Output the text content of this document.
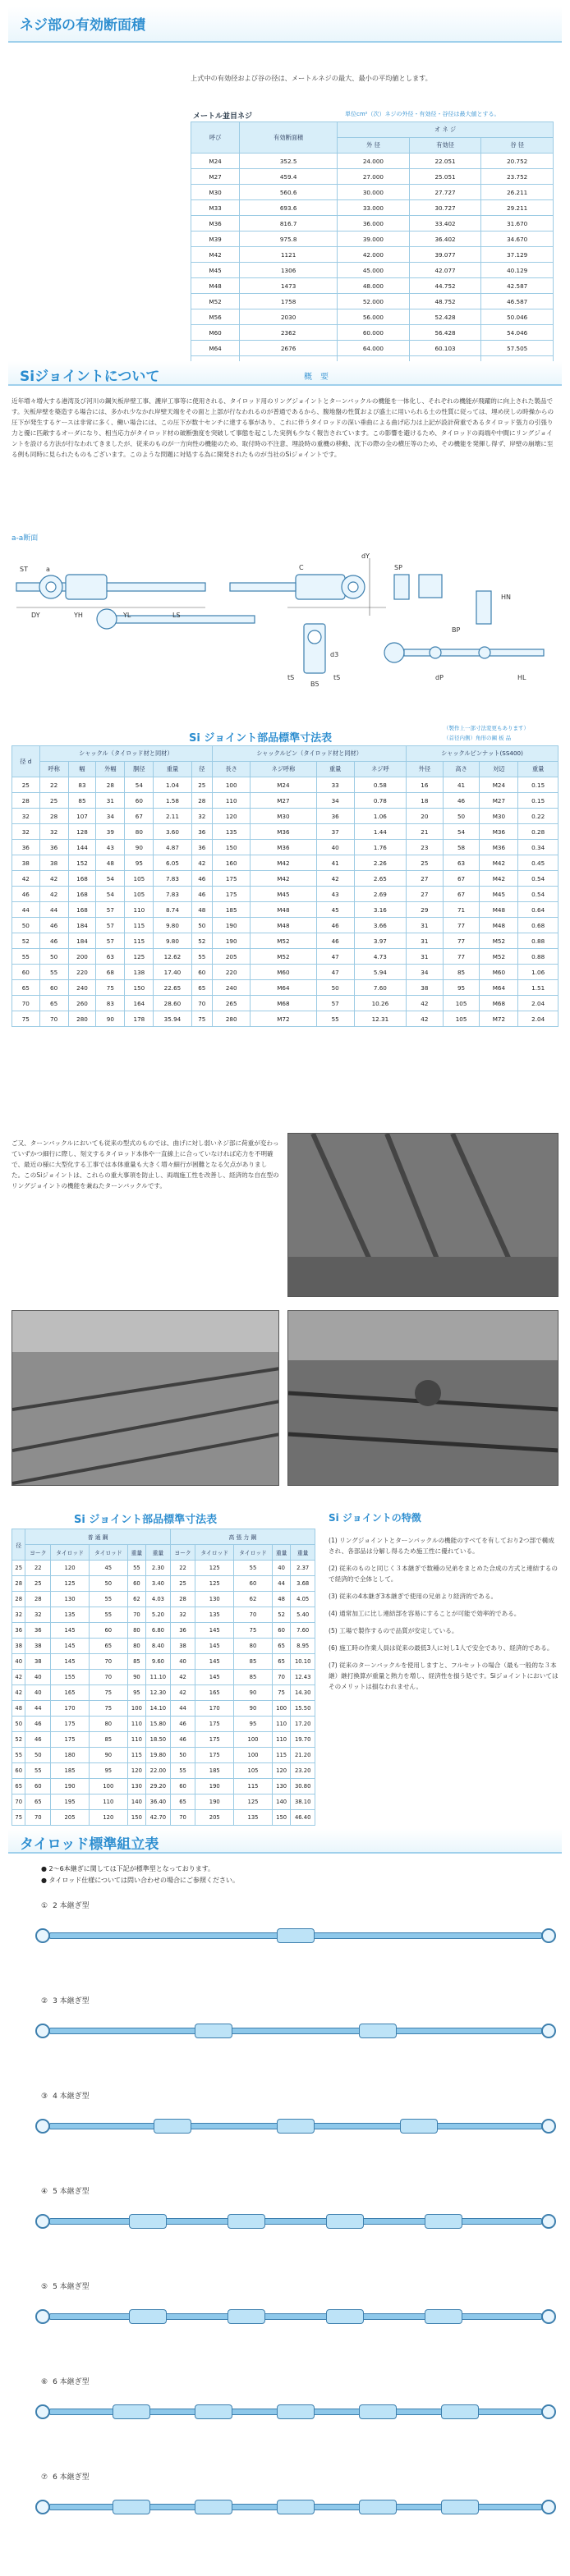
ネジ部の有効断面積

上式中の有効径および谷の径は、メートルネジの最大、最小の平均値とします。

メートル並目ネジ	単位cm²（次）ネジの外径・有効径・谷径は最大値とする。
呼び	有効断面積	オ ネ ジ		
		外 径	有効径	谷 径
M24	352.5	24.000	22.051	20.752
M27	459.4	27.000	25.051	23.752
M30	560.6	30.000	27.727	26.211
M33	693.6	33.000	30.727	29.211
M36	816.7	36.000	33.402	31.670
M39	975.8	39.000	36.402	34.670
M42	1121	42.000	39.077	37.129
M45	1306	45.000	42.077	40.129
M48	1473	48.000	44.752	42.587
M52	1758	52.000	48.752	46.587
M56	2030	56.000	52.428	50.046
M60	2362	60.000	56.428	54.046
M64	2676	64.000	60.103	57.505

Siジョイントについて	概　要

近年増々増大する港湾及び河川の鋼矢板岸壁工事、護岸工事等に使用される、タイロッド用のリングジョイントとターンバックルの機能を一体化し、それぞれの機能が飛躍的に向上された製品です。矢板岸壁を築造する場合には、多かれ少なかれ岸壁天端をその面と上部が行なわれるのが普通であるから、腹地盤の性質および盛土に用いられる土の性質に従っては、埋め戻しの時操からの圧下が発生するケースは非常に多く、働い場合には、この圧下が数十センチに達する事があり、これに伴うタイロッドの深い垂曲による曲げ応力は上記が設計荷重であるタイロッド張力の引張り力と優に匹敵するオーダになり、相当応力がタイロッド材の破断強度を突破して事態を起こした実例も少なく報告されています。この影響を避けるため、タイロッドの両端や中間にリングジョイントを設ける方法が行なわれてきましたが、従来のものが一方向性の機能のため、取付時の不注意、埋設時の重機の移動、沈下の際の全の横圧等のため、その機能を発揮し得ず、岸壁の崩壊に至る例も同時に見られたものもございます。このような問題に対処する為に開発されたものが当社のSiジョイントです。

a-a断面
ST	a
DY	YH	YL	LS
C	SP
HN
dY
d3
BP
B5
tS	tS	dP	HL
Si ジョイント部品標準寸法表
（製作上一部寸法変更もあります）
（首径内側）角形の鋼 板 品
径 d	シャックル（タイロッド材と同材）						シャックルピン（タイロッド材と同材）				シャックルピンナット(SS400)			
	呼称	幅	外幅	胴径	重量	径	長さ	ネジ呼称	重量	ネジ呼	外径	高さ	対辺	重量
25	22	83	28	54	1.04	25	100	M24	33	0.58	16	41	M24	0.15
28	25	85	31	60	1.58	28	110	M27	34	0.78	18	46	M27	0.15
32	28	107	34	67	2.11	32	120	M30	36	1.06	20	50	M30	0.22
32	32	128	39	80	3.60	36	135	M36	37	1.44	21	54	M36	0.28
36	36	144	43	90	4.87	36	150	M36	40	1.76	23	58	M36	0.34
38	38	152	48	95	6.05	42	160	M42	41	2.26	25	63	M42	0.45
42	42	168	54	105	7.83	46	175	M42	42	2.65	27	67	M42	0.54
46	42	168	54	105	7.83	46	175	M45	43	2.69	27	67	M45	0.54
44	44	168	57	110	8.74	48	185	M48	45	3.16	29	71	M48	0.64
50	46	184	57	115	9.80	50	190	M48	46	3.66	31	77	M48	0.68
52	46	184	57	115	9.80	52	190	M52	46	3.97	31	77	M52	0.88
55	50	200	63	125	12.62	55	205	M52	47	4.73	31	77	M52	0.88
60	55	220	68	138	17.40	60	220	M60	47	5.94	34	85	M60	1.06
65	60	240	75	150	22.65	65	240	M64	50	7.60	38	95	M64	1.51
70	65	260	83	164	28.60	70	265	M68	57	10.26	42	105	M68	2.04
75	70	280	90	178	35.94	75	280	M72	55	12.31	42	105	M72	2.04

ご又、ターンバックルにおいても従来の型式のものでは、曲げに対し弱いネジ部に荷重が変わっていずかつ細行に際し、刻文するタイロッド本体や一直線上に合っていなければ応力を不明確で、最近の様に大型化する工事では本体重量も大きく増々細行が困難となる欠点がありました。このSiジョイントは、これらの重大事項を防止し、両端施工性を改善し、経済的な自在型のリングジョイントの機能を兼ねたターンバックルです。

Si ジョイント部品標準寸法表
径	普 通 鋼					高 張 力 鋼				
	ヨーク	タイロッド	タイロッド	重量	重量	ヨーク	タイロッド	タイロッド	重量	重量
25	22	120	45	55	2.30	22	125	55	40	2.37
28	25	125	50	60	3.40	25	125	60	44	3.68
28	28	130	55	62	4.03	28	130	62	48	4.05
32	32	135	55	70	5.20	32	135	70	52	5.40
36	36	145	60	80	6.80	36	145	75	60	7.60
38	38	145	65	80	8.40	38	145	80	65	8.95
40	38	145	70	85	9.60	40	145	85	65	10.10
42	40	155	70	90	11.10	42	145	85	70	12.43
42	40	165	75	95	12.30	42	165	90	75	14.30
48	44	170	75	100	14.10	44	170	90	100	15.50
50	46	175	80	110	15.80	46	175	95	110	17.20
52	46	175	85	110	18.50	46	175	100	110	19.70
55	50	180	90	115	19.80	50	175	100	115	21.20
60	55	185	95	120	22.00	55	185	105	120	23.20
65	60	190	100	130	29.20	60	190	115	130	30.80
70	65	195	110	140	36.40	65	190	125	140	38.10
75	70	205	120	150	42.70	70	205	135	150	46.40
Si ジョイントの特徴
(1) リングジョイントとターンバックルの機能のすべてを有しており2つ部で構成され、各部品は分解し得るため施工性に優れている。
(2) 従来のものと同じく３本継ぎで数種の兄弟をまとめた合成の方式と連結するので経済的で全体として。
(3) 従来の4本継ぎ3本継ぎで使用の兄弟より経済的である。
(4) 通常加工に比し連結部を容易にすることが可能で効率的である。
(5) 工場で製作するので品質が安定している。
(6) 施工時の作業人員は従来の最低3人に対し1人で安全であり、経済的である。
(7) 従来のターンバックルを使用しますと、フルセットの場合（最も一般的な３本継）継打換算が重量と熱力を増し、経済性を損う処です。Siジョイントにおいてはそのメリットは損なわれません。
タイロッド標準組立表
● 2～6本継ぎに関しては下記が標準型となっております。
● タイロッド仕様については問い合わせの場合にご参照ください。
① 2 本継ぎ型
② 3 本継ぎ型
③ 4 本継ぎ型
④ 5 本継ぎ型
⑤ 5 本継ぎ型
⑥ 6 本継ぎ型
⑦ 6 本継ぎ型
